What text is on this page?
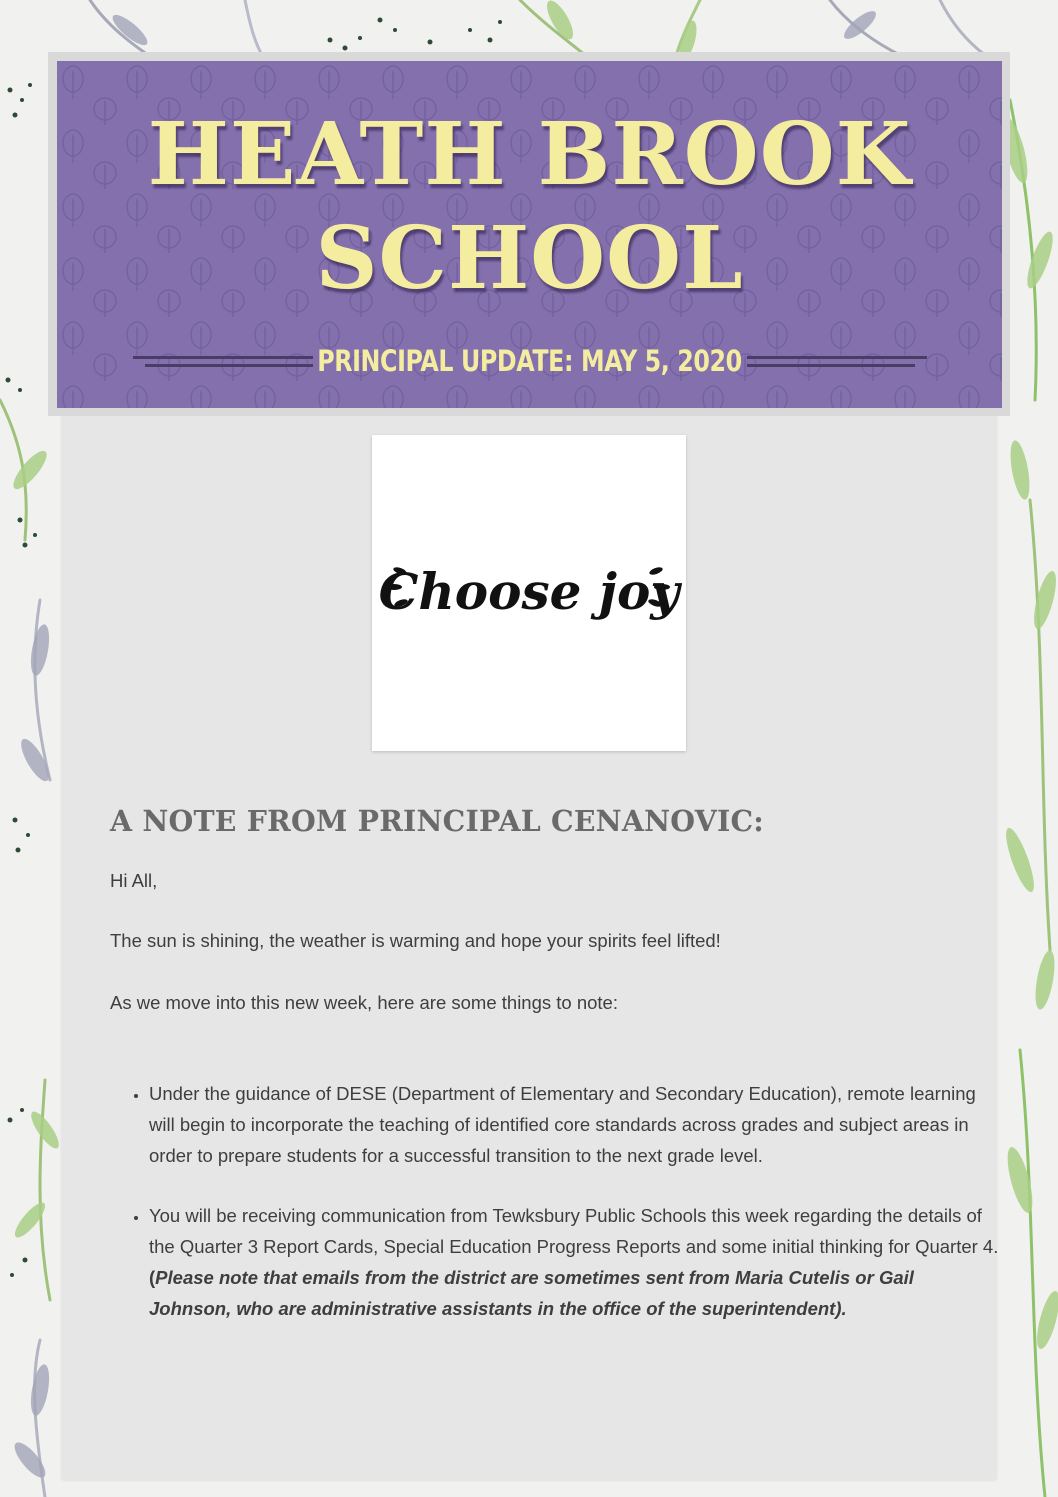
HEATH BROOK
SCHOOL
PRINCIPAL UPDATE: MAY 5, 2020
Choose joy
A NOTE FROM PRINCIPAL CENANOVIC:

Hi All,

The sun is shining, the weather is warming and hope your spirits feel lifted!

As we move into this new week, here are some things to note:

• Under the guidance of DESE (Department of Elementary and Secondary Education), remote learning will begin to incorporate the teaching of identified core standards across grades and subject areas in order to prepare students for a successful transition to the next grade level.
• You will be receiving communication from Tewksbury Public Schools this week regarding the details of the Quarter 3 Report Cards, Special Education Progress Reports and some initial thinking for Quarter 4. (Please note that emails from the district are sometimes sent from Maria Cutelis or Gail Johnson, who are administrative assistants in the office of the superintendent).
